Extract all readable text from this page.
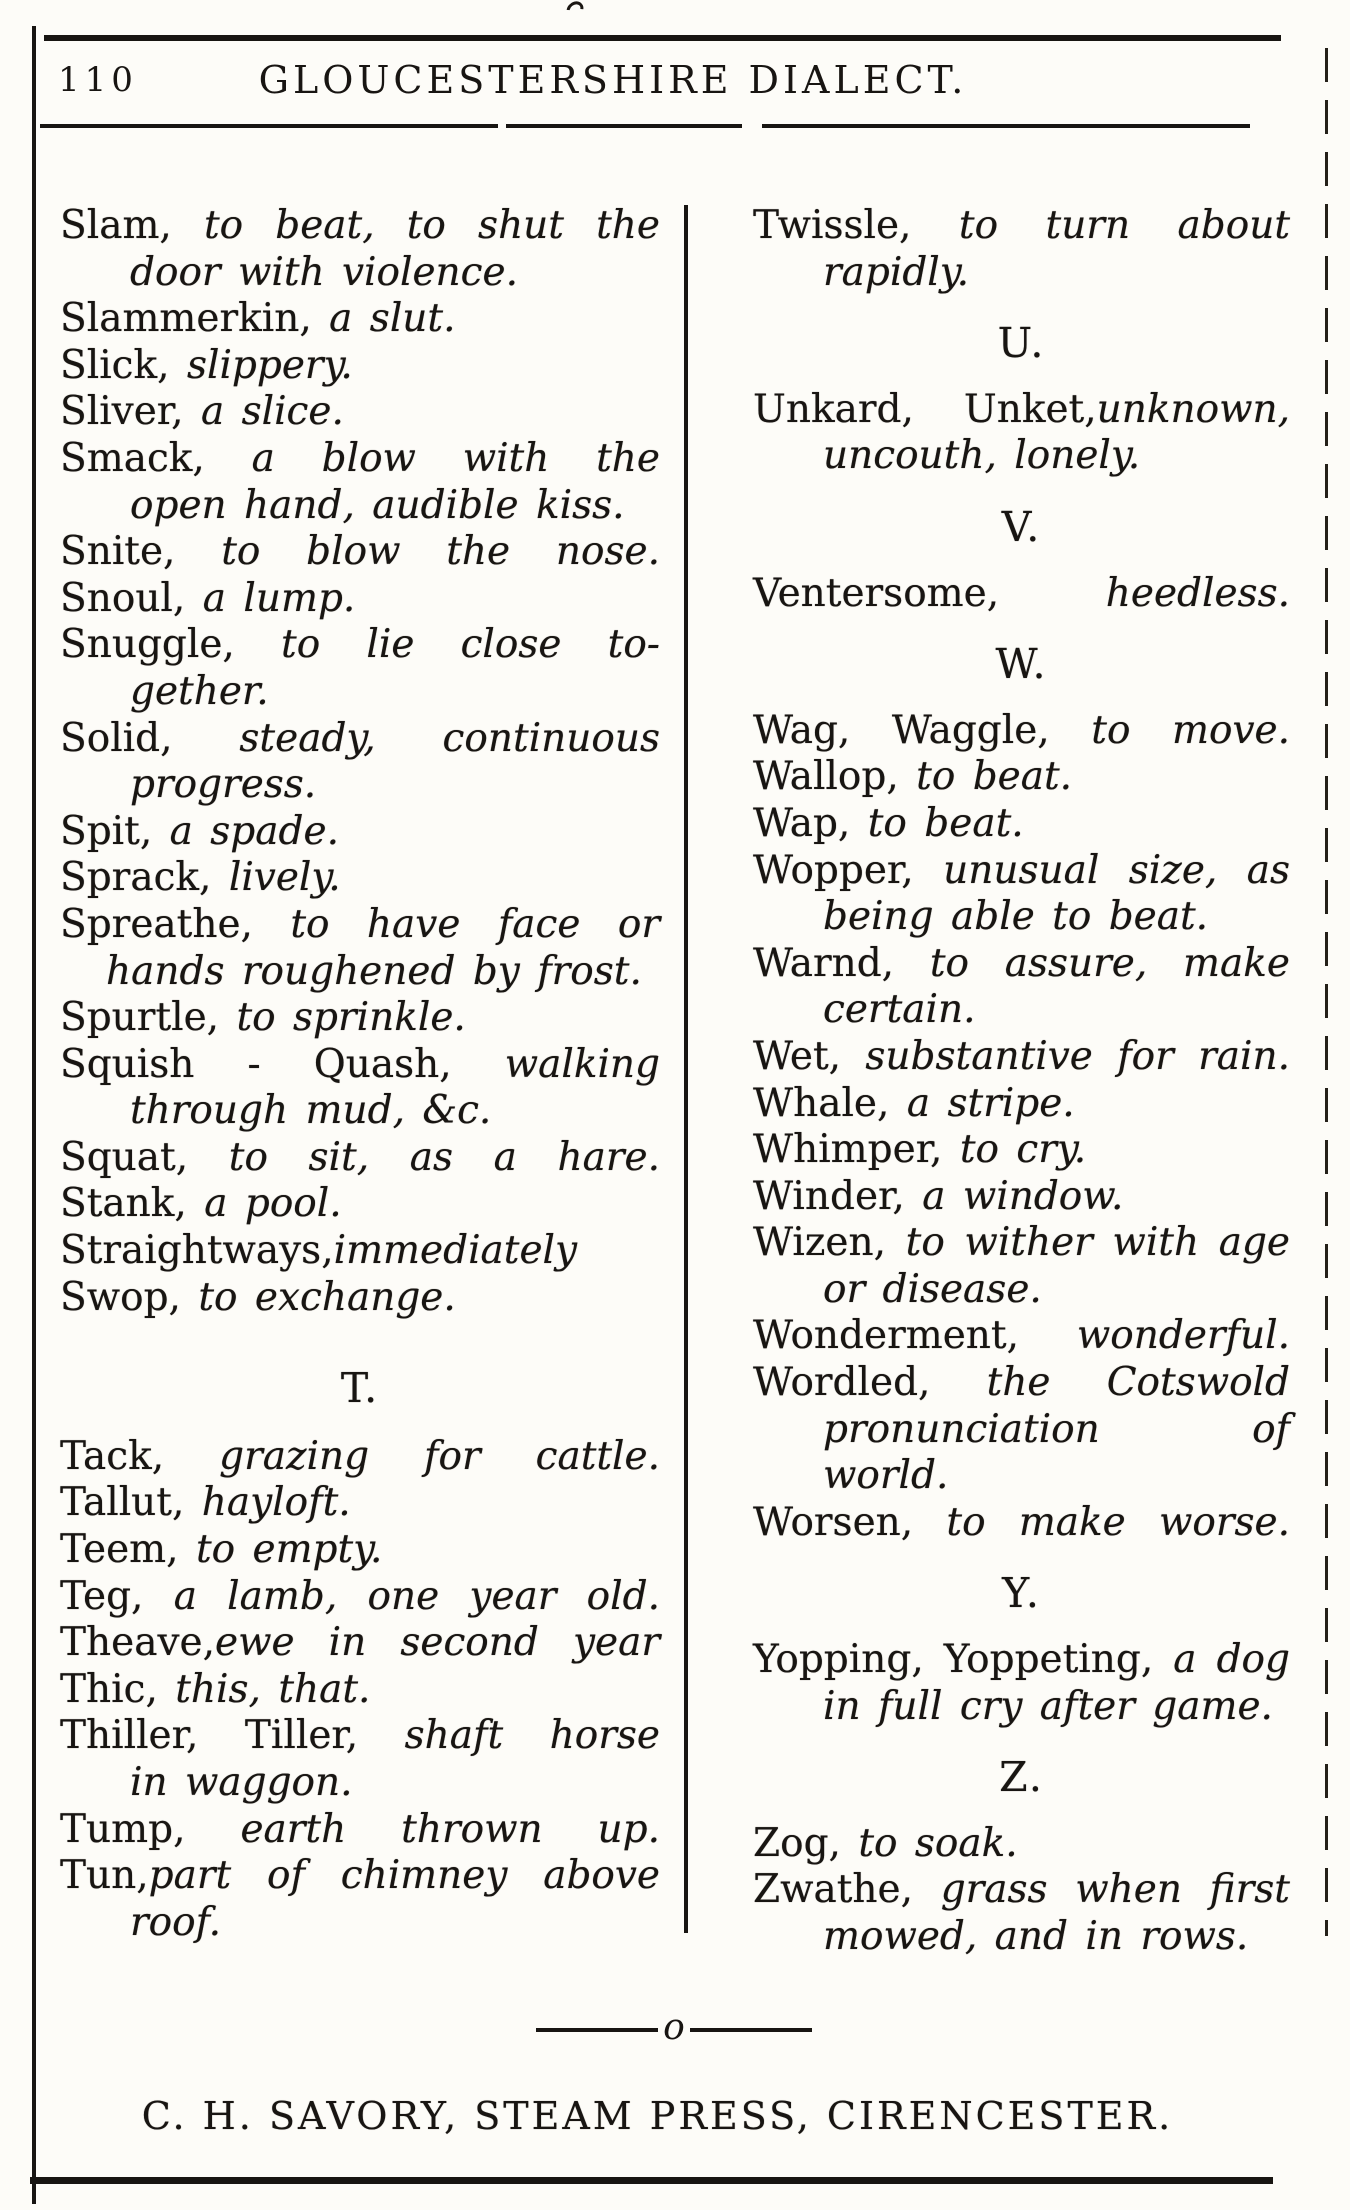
110	GLOUCESTERSHIRE DIALECT.
Slam, to beat, to shut the
door with violence.
Slammerkin, a slut.
Slick, slippery.
Sliver, a slice.
Smack, a blow with the
open hand, audible kiss.
Snite, to blow the nose.
Snoul, a lump.
Snuggle, to lie close to-
gether.
Solid, steady, continuous
progress.
Spit, a spade.
Sprack, lively.
Spreathe, to have face or
hands roughened by frost.
Spurtle, to sprinkle.
Squish - Quash, walking
through mud, &c.
Squat, to sit, as a hare.
Stank, a pool.
Straightways,immediately
Swop, to exchange.
T.
Tack, grazing for cattle.
Tallut, hayloft.
Teem, to empty.
Teg, a lamb, one year old.
Theave,ewe in second year
Thic, this, that.
Thiller, Tiller, shaft horse
in waggon.
Tump, earth thrown up.
Tun,part of chimney above
roof.
Twissle, to turn about
rapidly.
U.
Unkard, Unket,unknown,
uncouth, lonely.
V.
Ventersome,	heedless.
W.
Wag, Waggle, to move.
Wallop, to beat.
Wap, to beat.
Wopper, unusual size, as
being able to beat.
Warnd, to assure, make
certain.
Wet, substantive for rain.
Whale, a stripe.
Whimper, to cry.
Winder, a window.
Wizen, to wither with age
or disease.
Wonderment, wonderful.
Wordled, the Cotswold
pronunciation of world.
Worsen, to make worse.
Y.
Yopping, Yoppeting, a dog
in full cry after game.
Z.
Zog, to soak.
Zwathe, grass when first
mowed, and in rows.
o
C. H. SAVORY, STEAM PRESS, CIRENCESTER.
